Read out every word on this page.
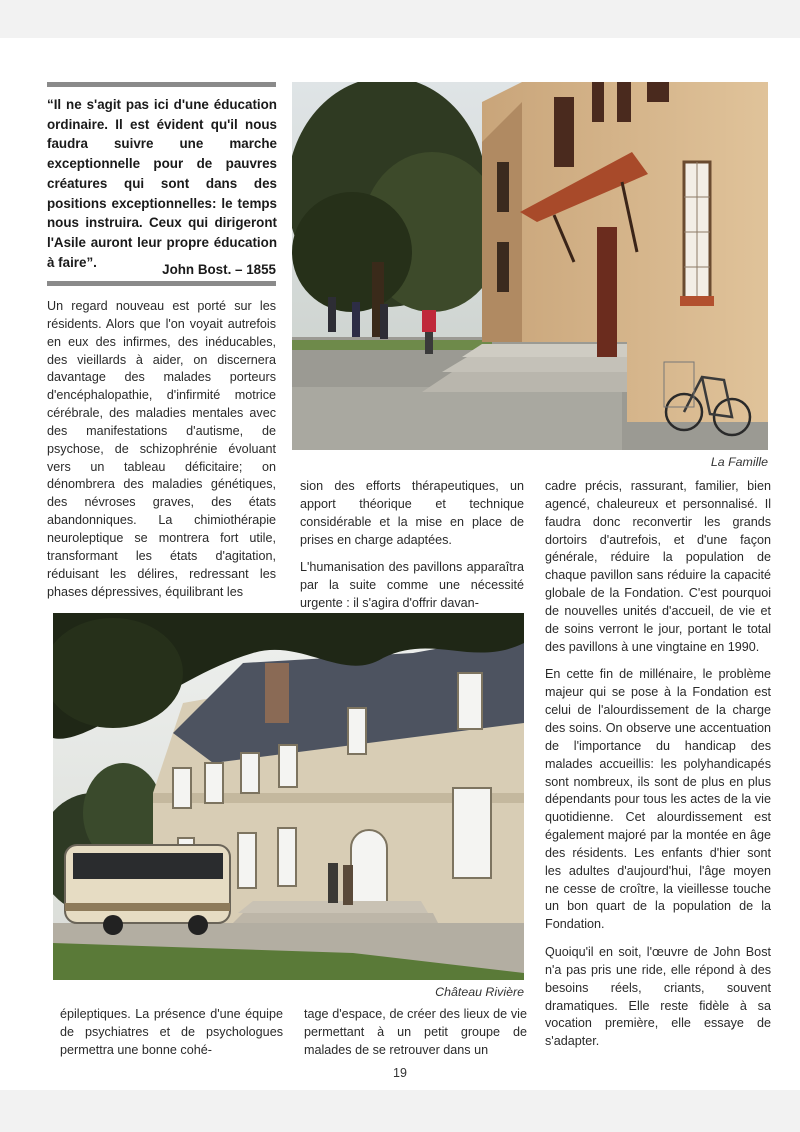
“Il ne s'agit pas ici d'une éducation ordinaire. Il est évident qu'il nous faudra suivre une marche exceptionnelle pour de pauvres créatures qui sont dans des positions exceptionnelles: le temps nous instruira. Ceux qui dirigeront l'Asile auront leur propre éducation à faire”.	John Bost. – 1855

Un regard nouveau est porté sur les résidents. Alors que l'on voyait autrefois en eux des infirmes, des inéducables, des vieillards à aider, on discernera davantage des malades porteurs d'encéphalopathie, d'infirmité motrice cérébrale, des maladies mentales avec des manifestations d'autisme, de psychose, de schizophrénie évoluant vers un tableau déficitaire; on dénombrera des maladies génétiques, des névroses graves, des états abandonniques. La chimiothérapie neuroleptique se montrera fort utile, transformant les états d'agitation, réduisant les délires, redressant les phases dépressives, équilibrant les

La Famille

sion des efforts thérapeutiques, un apport théorique et technique considérable et la mise en place de prises en charge adaptées.

L'humanisation des pavillons apparaîtra par la suite comme une nécessité urgente : il s'agira d'offrir davan-

cadre précis, rassurant, familier, bien agencé, chaleureux et personnalisé. Il faudra donc reconvertir les grands dortoirs d'autrefois, et d'une façon générale, réduire la population de chaque pavillon sans réduire la capacité globale de la Fondation. C'est pourquoi de nouvelles unités d'accueil, de vie et de soins verront le jour, portant le total des pavillons à une vingtaine en 1990.

En cette fin de millénaire, le problème majeur qui se pose à la Fondation est celui de l'alourdissement de la charge des soins. On observe une accentuation de l'importance du handicap des malades accueillis: les polyhandicapés sont nombreux, ils sont de plus en plus dépendants pour tous les actes de la vie quotidienne. Cet alourdissement est également majoré par la montée en âge des résidents. Les enfants d'hier sont les adultes d'aujourd'hui, l'âge moyen ne cesse de croître, la vieillesse touche un bon quart de la population de la Fondation.

Quoiqu'il en soit, l'œuvre de John Bost n'a pas pris une ride, elle répond à des besoins réels, criants, souvent dramatiques. Elle reste fidèle à sa vocation première, elle essaye de s'adapter.

Château Rivière

épileptiques. La présence d'une équipe de psychiatres et de psychologues permettra une bonne cohé-

tage d'espace, de créer des lieux de vie permettant à un petit groupe de malades de se retrouver dans un

19
